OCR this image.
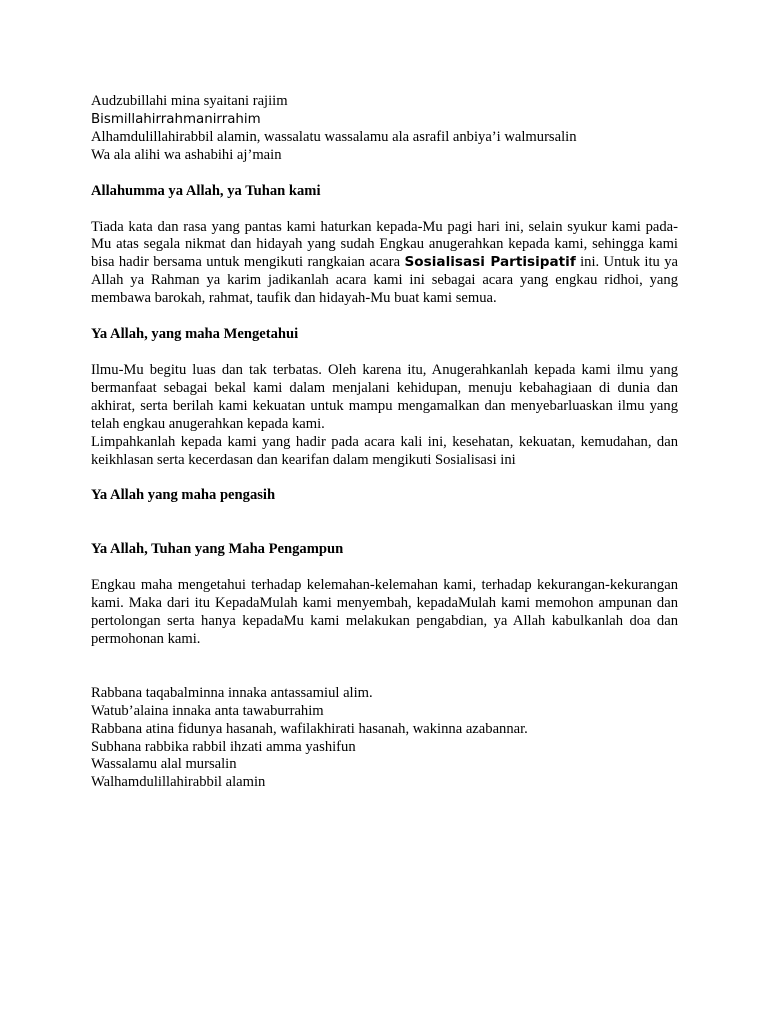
Audzubillahi mina syaitani rajiim
Bismillahirrahmanirrahim
Alhamdulillahirabbil alamin, wassalatu wassalamu ala asrafil anbiya’i walmursalin
Wa ala alihi wa ashabihi aj’main

Allahumma ya Allah, ya Tuhan kami

Tiada kata dan rasa yang pantas kami haturkan kepada-Mu pagi hari ini, selain syukur kami pada-Mu atas segala nikmat dan hidayah yang sudah Engkau anugerahkan kepada kami, sehingga kami bisa hadir bersama untuk mengikuti rangkaian acara Sosialisasi Partisipatif ini. Untuk itu ya Allah ya Rahman ya karim jadikanlah acara kami ini sebagai acara yang engkau ridhoi, yang membawa barokah, rahmat, taufik dan hidayah-Mu buat kami semua.

Ya Allah, yang maha Mengetahui

Ilmu-Mu begitu luas dan tak terbatas. Oleh karena itu, Anugerahkanlah kepada kami ilmu yang bermanfaat sebagai bekal kami dalam menjalani kehidupan, menuju kebahagiaan di dunia dan akhirat, serta berilah kami kekuatan untuk mampu mengamalkan dan menyebarluaskan ilmu yang telah engkau anugerahkan kepada kami.

Limpahkanlah kepada kami yang hadir pada acara kali ini, kesehatan, kekuatan, kemudahan, dan keikhlasan serta kecerdasan dan kearifan dalam mengikuti Sosialisasi ini

Ya Allah yang maha pengasih

Ya Allah, Tuhan yang Maha Pengampun

Engkau maha mengetahui terhadap kelemahan-kelemahan kami, terhadap kekurangan-kekurangan kami. Maka dari itu KepadaMulah kami menyembah, kepadaMulah kami memohon ampunan dan pertolongan serta hanya kepadaMu kami melakukan pengabdian, ya Allah kabulkanlah doa dan permohonan kami.

Rabbana taqabalminna innaka antassamiul alim.
Watub’alaina innaka anta tawaburrahim
Rabbana atina fidunya hasanah, wafilakhirati hasanah, wakinna azabannar.
Subhana rabbika rabbil ihzati amma yashifun
Wassalamu alal mursalin
Walhamdulillahirabbil alamin
